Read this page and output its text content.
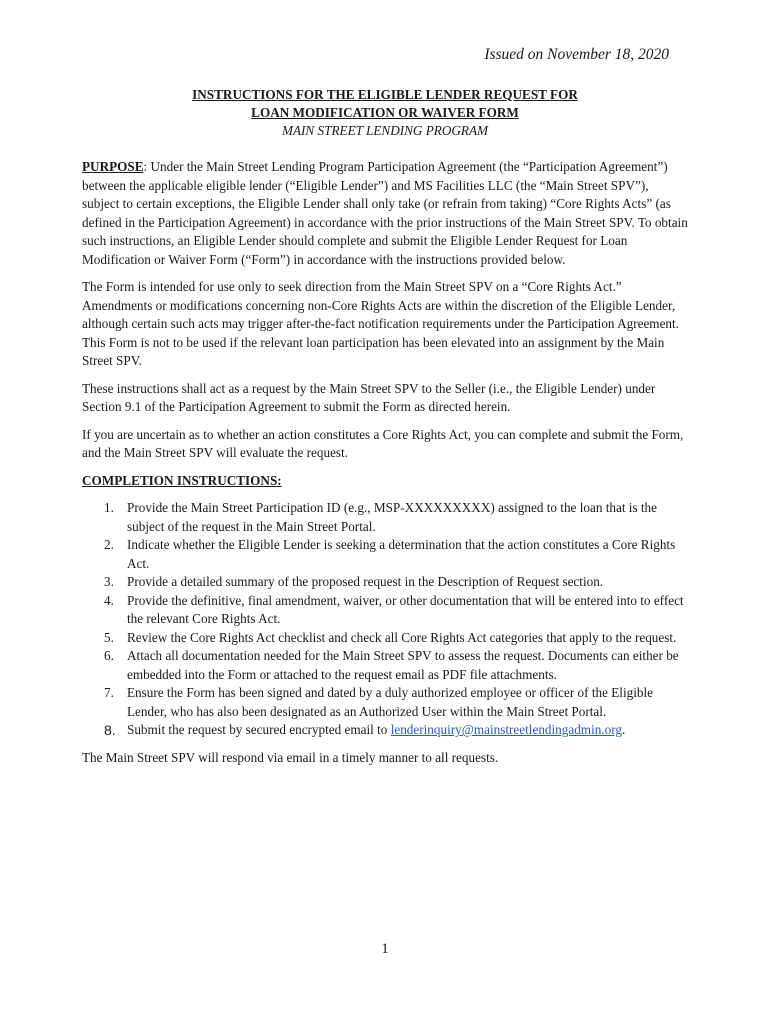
Issued on November 18, 2020
INSTRUCTIONS FOR THE ELIGIBLE LENDER REQUEST FOR
LOAN MODIFICATION OR WAIVER FORM
MAIN STREET LENDING PROGRAM

PURPOSE: Under the Main Street Lending Program Participation Agreement (the “Participation Agreement”) between the applicable eligible lender (“Eligible Lender”) and MS Facilities LLC (the “Main Street SPV”), subject to certain exceptions, the Eligible Lender shall only take (or refrain from taking) “Core Rights Acts” (as defined in the Participation Agreement) in accordance with the prior instructions of the Main Street SPV. To obtain such instructions, an Eligible Lender should complete and submit the Eligible Lender Request for Loan Modification or Waiver Form (“Form”) in accordance with the instructions provided below.

The Form is intended for use only to seek direction from the Main Street SPV on a “Core Rights Act.” Amendments or modifications concerning non-Core Rights Acts are within the discretion of the Eligible Lender, although certain such acts may trigger after-the-fact notification requirements under the Participation Agreement. This Form is not to be used if the relevant loan participation has been elevated into an assignment by the Main Street SPV.

These instructions shall act as a request by the Main Street SPV to the Seller (i.e., the Eligible Lender) under Section 9.1 of the Participation Agreement to submit the Form as directed herein.

If you are uncertain as to whether an action constitutes a Core Rights Act, you can complete and submit the Form, and the Main Street SPV will evaluate the request.

COMPLETION INSTRUCTIONS:
1. Provide the Main Street Participation ID (e.g., MSP-XXXXXXXXX) assigned to the loan that is the subject of the request in the Main Street Portal.
2. Indicate whether the Eligible Lender is seeking a determination that the action constitutes a Core Rights Act.
3. Provide a detailed summary of the proposed request in the Description of Request section.
4. Provide the definitive, final amendment, waiver, or other documentation that will be entered into to effect the relevant Core Rights Act.
5. Review the Core Rights Act checklist and check all Core Rights Act categories that apply to the request.
6. Attach all documentation needed for the Main Street SPV to assess the request. Documents can either be embedded into the Form or attached to the request email as PDF file attachments.
7. Ensure the Form has been signed and dated by a duly authorized employee or officer of the Eligible Lender, who has also been designated as an Authorized User within the Main Street Portal.
8. Submit the request by secured encrypted email to lenderinquiry@mainstreetlendingadmin.org.

The Main Street SPV will respond via email in a timely manner to all requests.

1
